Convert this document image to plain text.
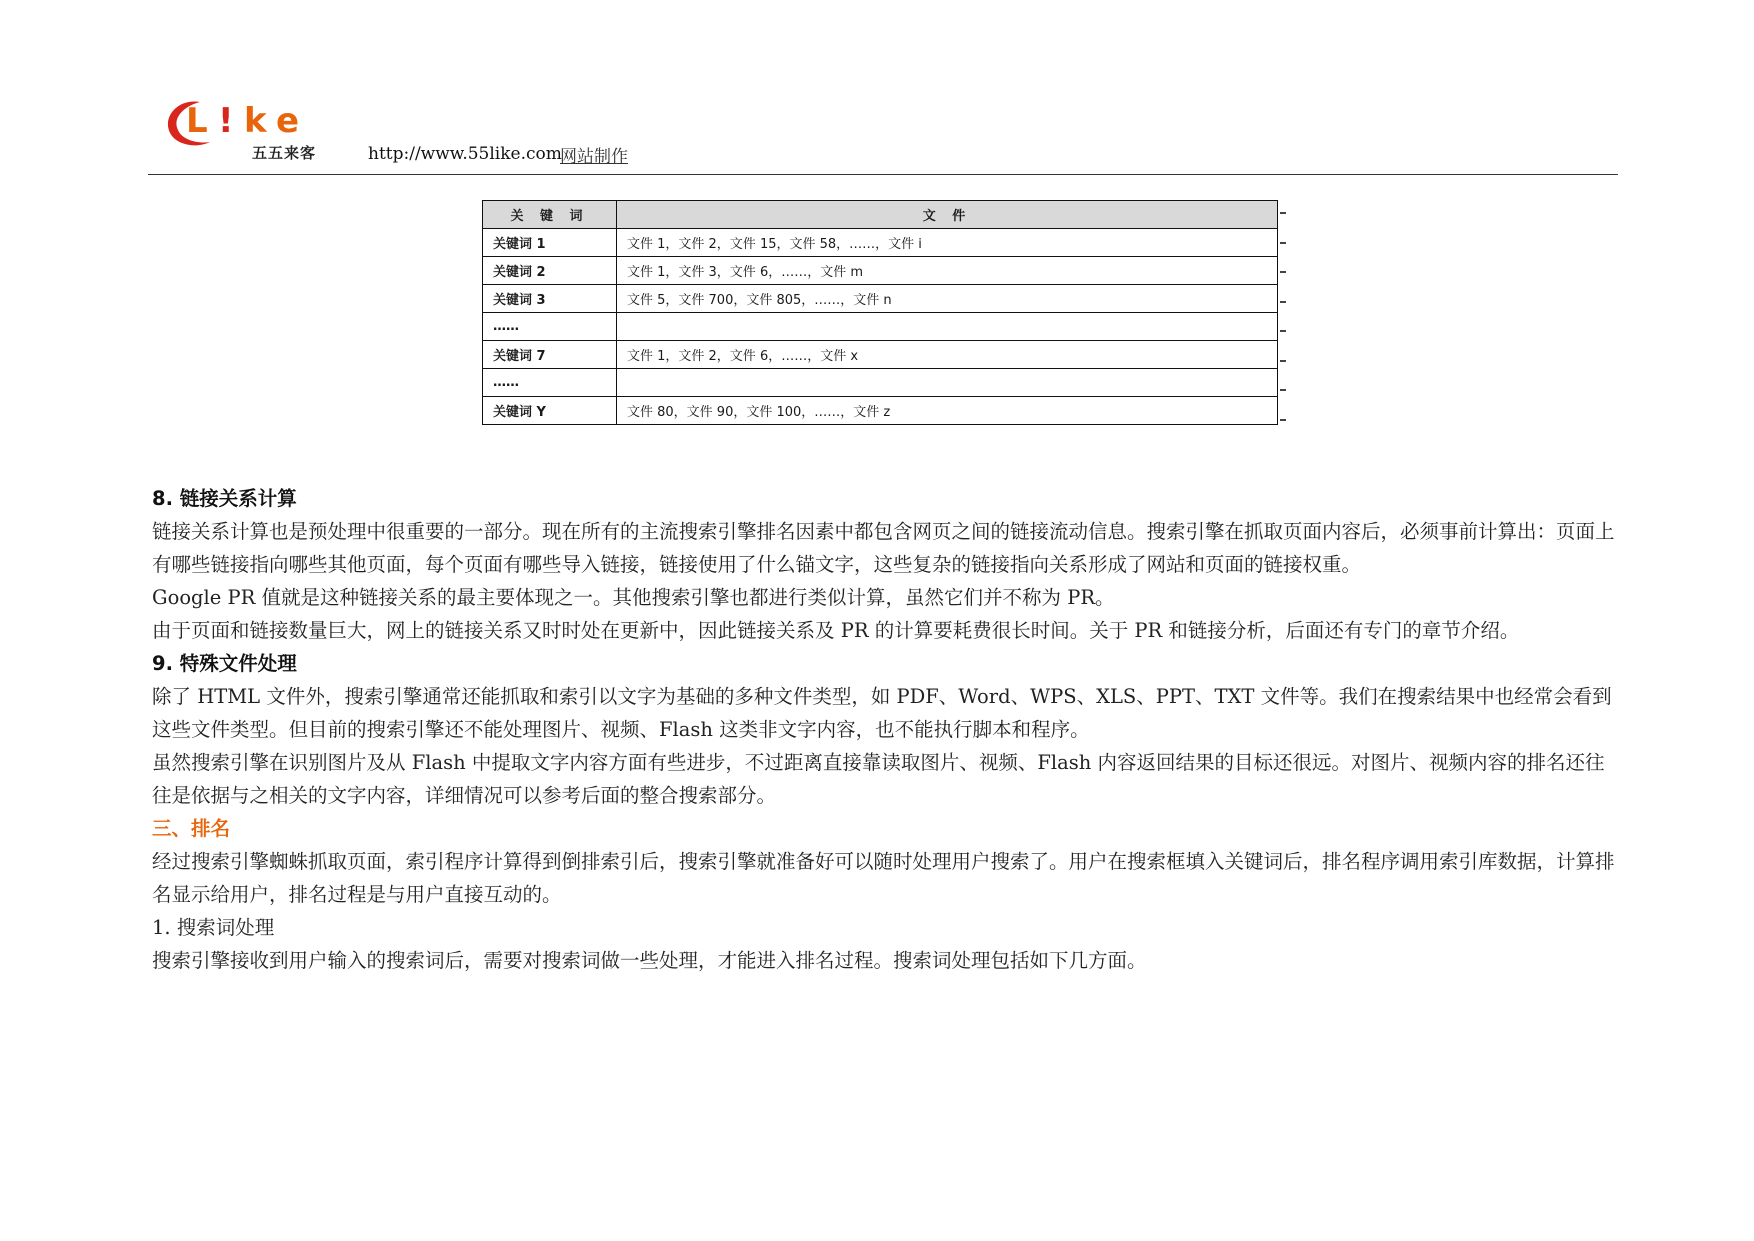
L ! k e
五五来客	http://www.55like.com
网站制作
关 键 词	文 件
关键词 1	文件 1，文件 2，文件 15，文件 58，……，文件 i
关键词 2	文件 1，文件 3，文件 6，……，文件 m
关键词 3	文件 5，文件 700，文件 805，……，文件 n
……	
关键词 7	文件 1，文件 2，文件 6，……，文件 x
……	
关键词 Y	文件 80，文件 90，文件 100，……，文件 z

8. 链接关系计算

链接关系计算也是预处理中很重要的一部分。现在所有的主流搜索引擎排名因素中都包含网页之间的链接流动信息。搜索引擎在抓取页面内容后，必须事前计算出：页面上有哪些链接指向哪些其他页面，每个页面有哪些导入链接，链接使用了什么锚文字，这些复杂的链接指向关系形成了网站和页面的链接权重。

Google PR 值就是这种链接关系的最主要体现之一。其他搜索引擎也都进行类似计算，虽然它们并不称为 PR。

由于页面和链接数量巨大，网上的链接关系又时时处在更新中，因此链接关系及 PR 的计算要耗费很长时间。关于 PR 和链接分析，后面还有专门的章节介绍。

9. 特殊文件处理

除了 HTML 文件外，搜索引擎通常还能抓取和索引以文字为基础的多种文件类型，如 PDF、Word、WPS、XLS、PPT、TXT 文件等。我们在搜索结果中也经常会看到这些文件类型。但目前的搜索引擎还不能处理图片、视频、Flash 这类非文字内容，也不能执行脚本和程序。

虽然搜索引擎在识别图片及从 Flash 中提取文字内容方面有些进步，不过距离直接靠读取图片、视频、Flash 内容返回结果的目标还很远。对图片、视频内容的排名还往往是依据与之相关的文字内容，详细情况可以参考后面的整合搜索部分。

三、排名

经过搜索引擎蜘蛛抓取页面，索引程序计算得到倒排索引后，搜索引擎就准备好可以随时处理用户搜索了。用户在搜索框填入关键词后，排名程序调用索引库数据，计算排名显示给用户，排名过程是与用户直接互动的。

1. 搜索词处理

搜索引擎接收到用户输入的搜索词后，需要对搜索词做一些处理，才能进入排名过程。搜索词处理包括如下几方面。
